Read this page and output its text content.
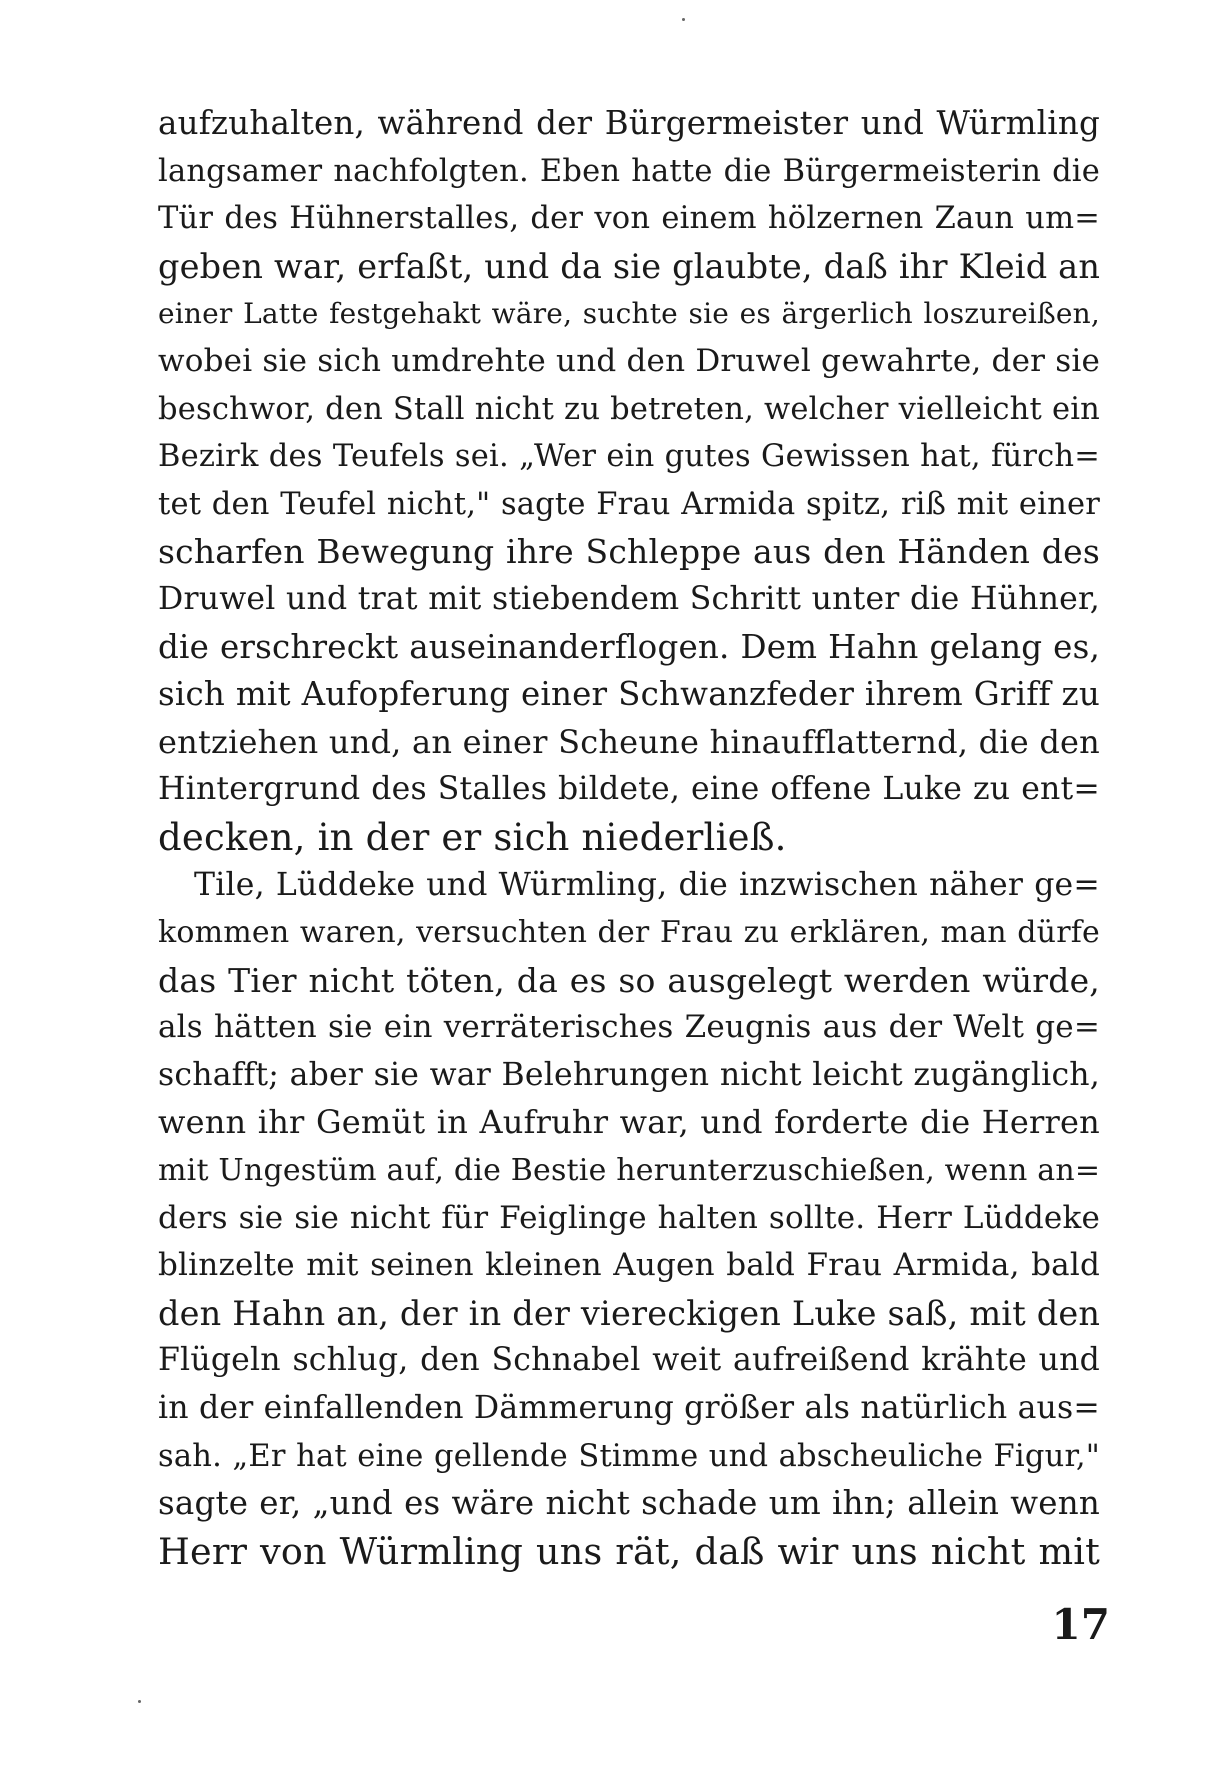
aufzuhalten, während der Bürgermeister und Würmling
langsamer nachfolgten. Eben hatte die Bürgermeisterin die
Tür des Hühnerstalles, der von einem hölzernen Zaun um=
geben war, erfaßt, und da sie glaubte, daß ihr Kleid an
einer Latte festgehakt wäre, suchte sie es ärgerlich loszureißen,
wobei sie sich umdrehte und den Druwel gewahrte, der sie
beschwor, den Stall nicht zu betreten, welcher vielleicht ein
Bezirk des Teufels sei. „Wer ein gutes Gewissen hat, fürch=
tet den Teufel nicht," sagte Frau Armida spitz, riß mit einer
scharfen Bewegung ihre Schleppe aus den Händen des
Druwel und trat mit stiebendem Schritt unter die Hühner,
die erschreckt auseinanderflogen. Dem Hahn gelang es,
sich mit Aufopferung einer Schwanzfeder ihrem Griff zu
entziehen und, an einer Scheune hinaufflatternd, die den
Hintergrund des Stalles bildete, eine offene Luke zu ent=
decken, in der er sich niederließ.
Tile, Lüddeke und Würmling, die inzwischen näher ge=
kommen waren, versuchten der Frau zu erklären, man dürfe
das Tier nicht töten, da es so ausgelegt werden würde,
als hätten sie ein verräterisches Zeugnis aus der Welt ge=
schafft; aber sie war Belehrungen nicht leicht zugänglich,
wenn ihr Gemüt in Aufruhr war, und forderte die Herren
mit Ungestüm auf, die Bestie herunterzuschießen, wenn an=
ders sie sie nicht für Feiglinge halten sollte. Herr Lüddeke
blinzelte mit seinen kleinen Augen bald Frau Armida, bald
den Hahn an, der in der viereckigen Luke saß, mit den
Flügeln schlug, den Schnabel weit aufreißend krähte und
in der einfallenden Dämmerung größer als natürlich aus=
sah. „Er hat eine gellende Stimme und abscheuliche Figur,"
sagte er, „und es wäre nicht schade um ihn; allein wenn
Herr von Würmling uns rät, daß wir uns nicht mit
17
